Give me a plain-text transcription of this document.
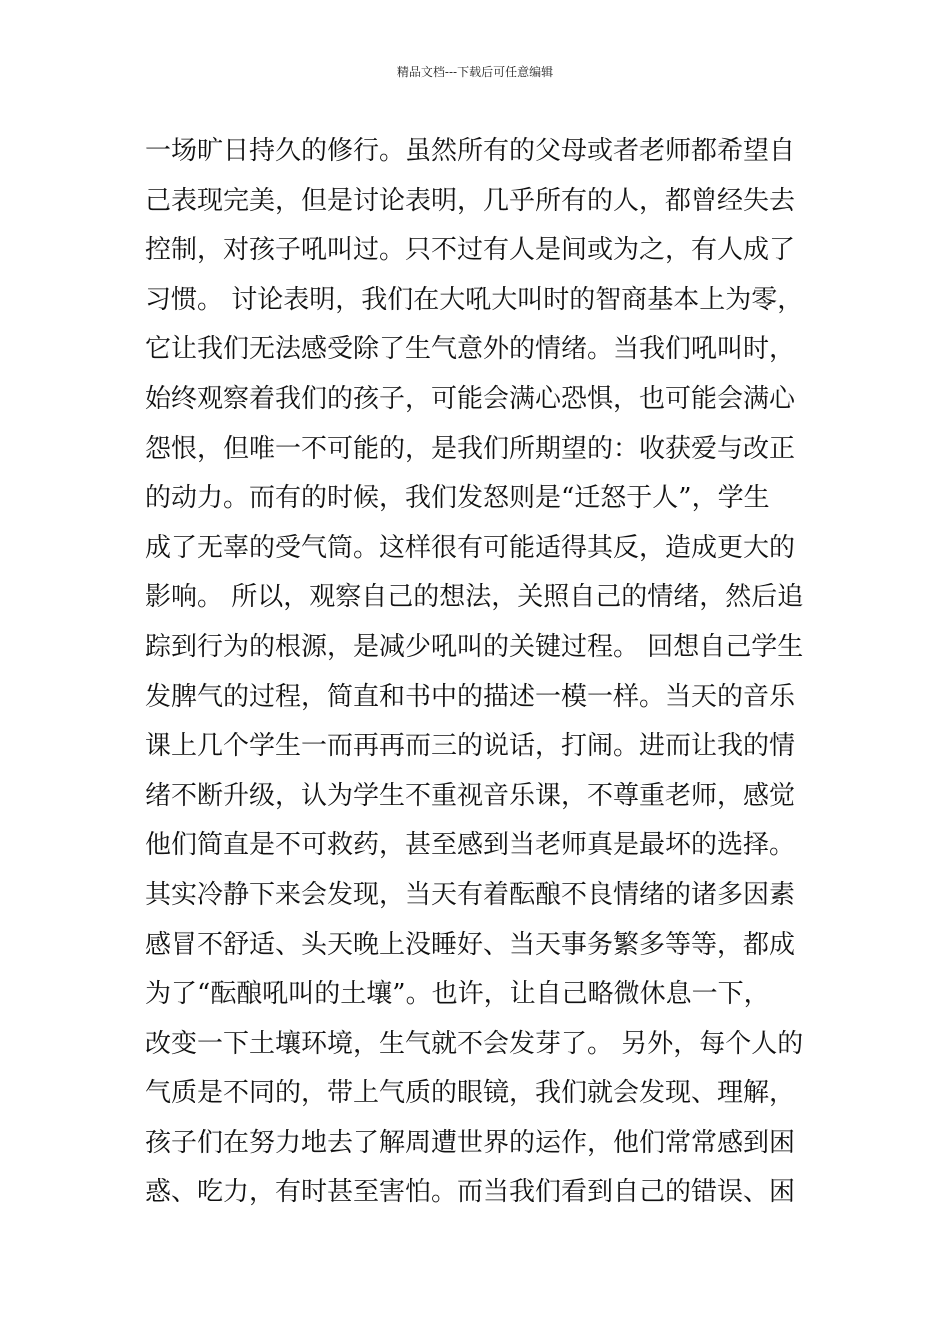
精品文档---下载后可任意编辑
一场旷日持久的修行。虽然所有的父母或者老师都希望自
己表现完美，但是讨论表明，几乎所有的人，都曾经失去
控制，对孩子吼叫过。只不过有人是间或为之，有人成了
习惯。 讨论表明，我们在大吼大叫时的智商基本上为零，
它让我们无法感受除了生气意外的情绪。当我们吼叫时，
始终观察着我们的孩子，可能会满心恐惧，也可能会满心
怨恨，但唯一不可能的，是我们所期望的：收获爱与改正
的动力。而有的时候，我们发怒则是“迁怒于人”，学生
成了无辜的受气筒。这样很有可能适得其反，造成更大的
影响。 所以，观察自己的想法，关照自己的情绪，然后追
踪到行为的根源，是减少吼叫的关键过程。 回想自己学生
发脾气的过程，简直和书中的描述一模一样。当天的音乐
课上几个学生一而再再而三的说话，打闹。进而让我的情
绪不断升级，认为学生不重视音乐课，不尊重老师，感觉
他们简直是不可救药，甚至感到当老师真是最坏的选择。
其实冷静下来会发现，当天有着酝酿不良情绪的诸多因素
感冒不舒适、头天晚上没睡好、当天事务繁多等等，都成
为了“酝酿吼叫的土壤”。也许，让自己略微休息一下，
改变一下土壤环境，生气就不会发芽了。 另外，每个人的
气质是不同的，带上气质的眼镜，我们就会发现、理解，
孩子们在努力地去了解周遭世界的运作，他们常常感到困
惑、吃力，有时甚至害怕。而当我们看到自己的错误、困
